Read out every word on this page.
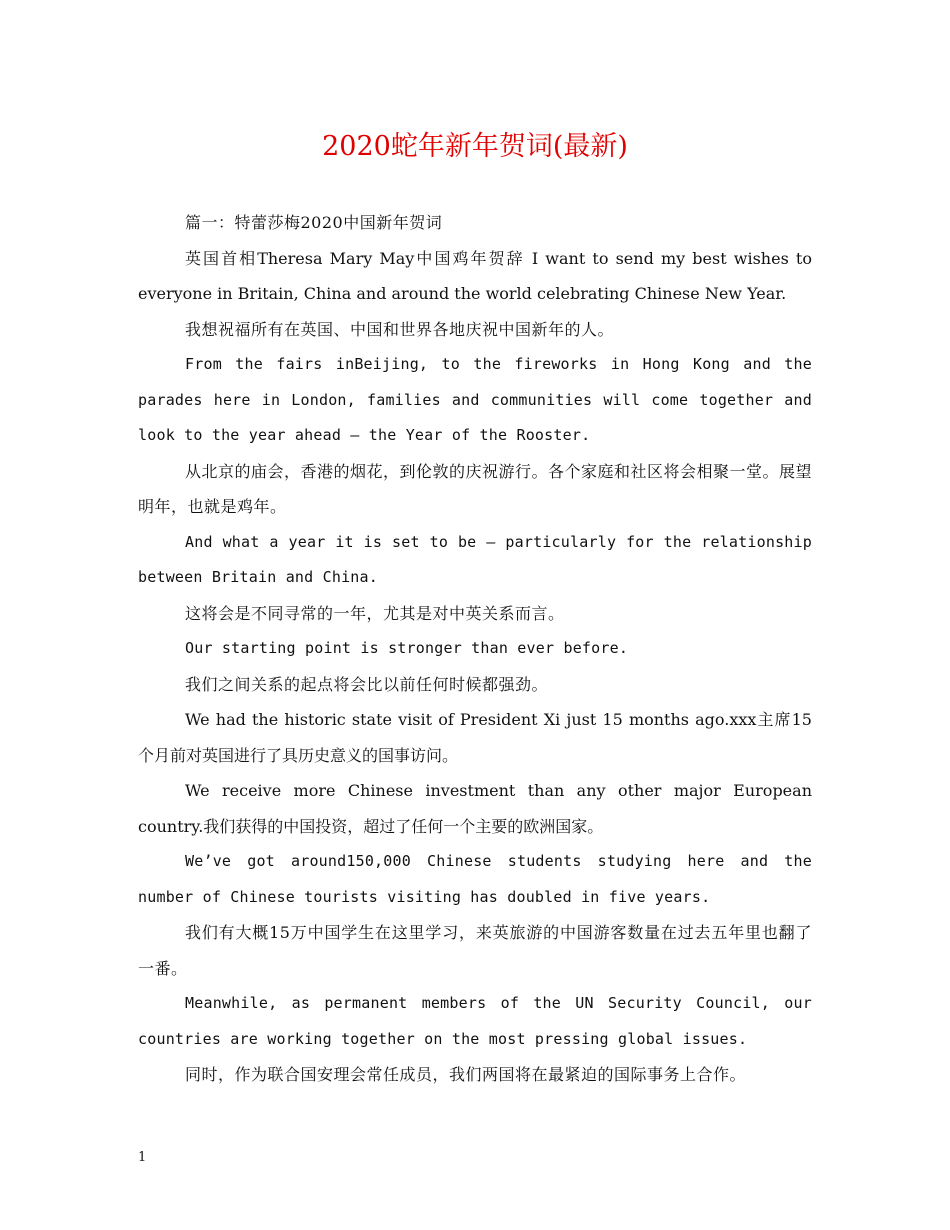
2020蛇年新年贺词(最新)

篇一：特蕾莎梅2020中国新年贺词

英国首相Theresa Mary May中国鸡年贺辞 I want to send my best wishes to everyone in Britain, China and around the world celebrating Chinese New Year.

我想祝福所有在英国、中国和世界各地庆祝中国新年的人。

From the fairs inBeijing, to the fireworks in Hong Kong and the parades here in London, families and communities will come together and look to the year ahead – the Year of the Rooster.

从北京的庙会，香港的烟花，到伦敦的庆祝游行。各个家庭和社区将会相聚一堂。展望明年，也就是鸡年。

And what a year it is set to be – particularly for the relationship between Britain and China.

这将会是不同寻常的一年，尤其是对中英关系而言。

Our starting point is stronger than ever before.

我们之间关系的起点将会比以前任何时候都强劲。

We had the historic state visit of President Xi just 15 months ago.xxx主席15个月前对英国进行了具历史意义的国事访问。

We receive more Chinese investment than any other major European country.我们获得的中国投资，超过了任何一个主要的欧洲国家。

We’ve got around150,000 Chinese students studying here and the number of Chinese tourists visiting has doubled in five years.

我们有大概15万中国学生在这里学习，来英旅游的中国游客数量在过去五年里也翻了一番。

Meanwhile, as permanent members of the UN Security Council, our countries are working together on the most pressing global issues.

同时，作为联合国安理会常任成员，我们两国将在最紧迫的国际事务上合作。

1
